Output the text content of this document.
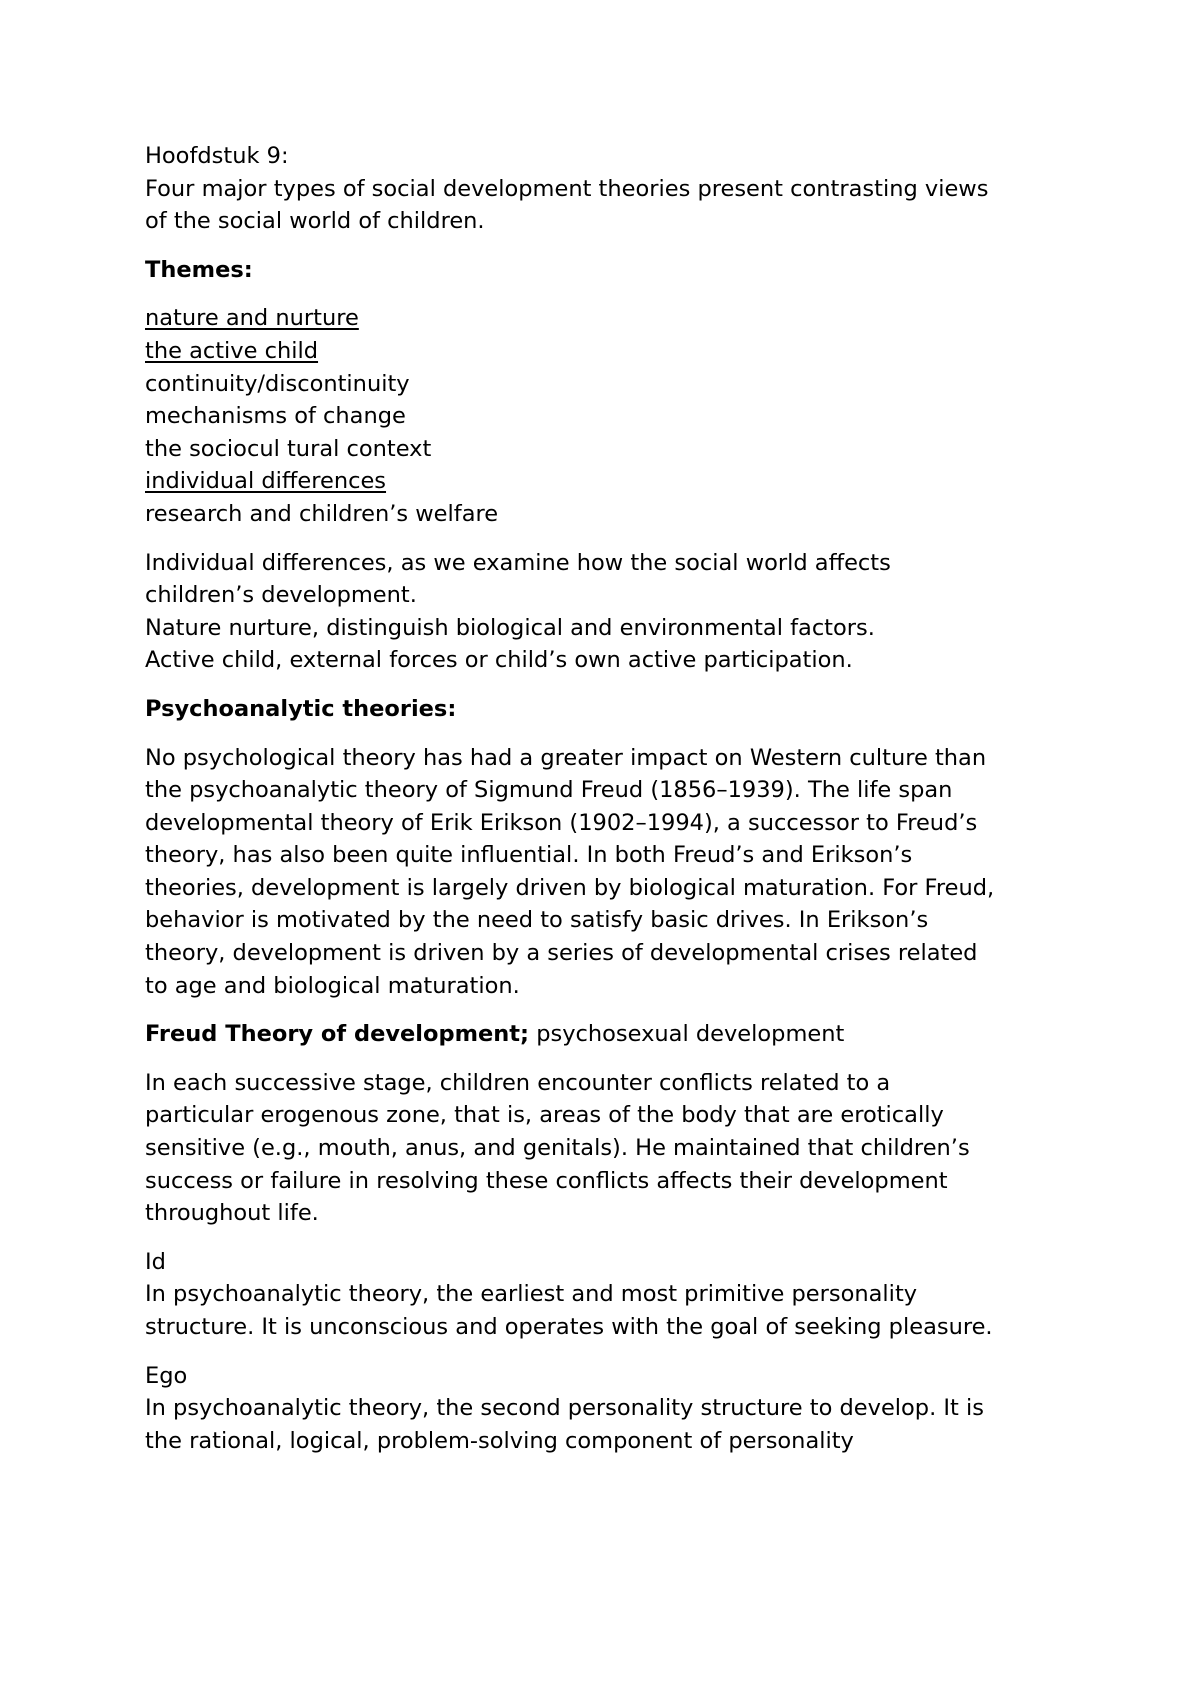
Hoofdstuk 9:
Four major types of social development theories present contrasting views
of the social world of children.
Themes:
nature and nurture
the active child
continuity/discontinuity
mechanisms of change
the sociocul tural context
individual differences
research and children’s welfare
Individual differences, as we examine how the social world affects
children’s development.
Nature nurture, distinguish biological and environmental factors.
Active child, external forces or child’s own active participation.
Psychoanalytic theories:
No psychological theory has had a greater impact on Western culture than
the psychoanalytic theory of Sigmund Freud (1856–1939). The life span
developmental theory of Erik Erikson (1902–1994), a successor to Freud’s
theory, has also been quite influential. In both Freud’s and Erikson’s
theories, development is largely driven by biological maturation. For Freud,
behavior is motivated by the need to satisfy basic drives. In Erikson’s
theory, development is driven by a series of developmental crises related
to age and biological maturation.
Freud Theory of development; psychosexual development
In each successive stage, children encounter conflicts related to a
particular erogenous zone, that is, areas of the body that are erotically
sensitive (e.g., mouth, anus, and genitals). He maintained that children’s
success or failure in resolving these conflicts affects their development
throughout life.
Id
In psychoanalytic theory, the earliest and most primitive personality
structure. It is unconscious and operates with the goal of seeking pleasure.
Ego
In psychoanalytic theory, the second personality structure to develop. It is
the rational, logical, problem-solving component of personality
